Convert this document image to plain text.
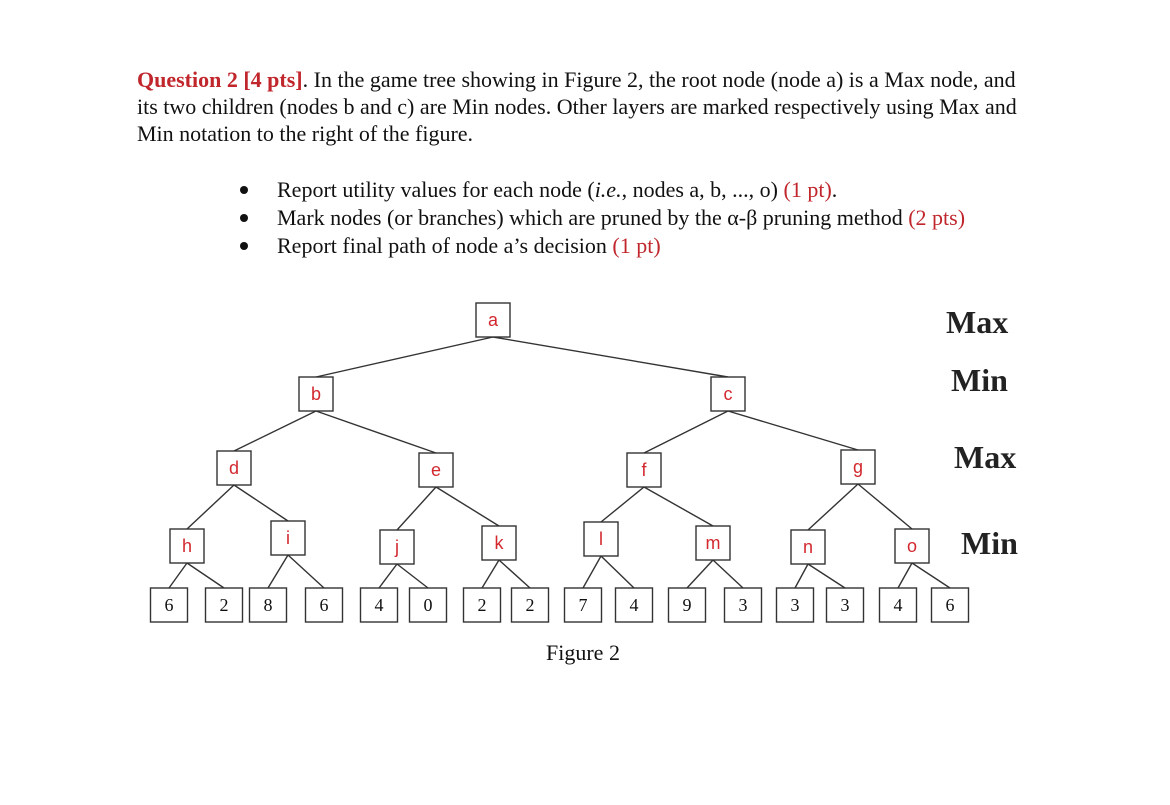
Question 2 [4 pts]. In the game tree showing in Figure 2, the root node (node a) is a Max node, and its two children (nodes b and c) are Min nodes. Other layers are marked respectively using Max and Min notation to the right of the figure.
Report utility values for each node (i.e., nodes a, b, ..., o) (1 pt).
Mark nodes (or branches) which are pruned by the α-β pruning method (2 pts)
Report final path of node a’s decision (1 pt)
a
b	c
d	e	f	g
h	i	j	k	l	m	n	o
6	2 8	6	4 0	2 2 7 4 9	3 3 3 4 6
Max
Min
Max
Min
Figure 2
